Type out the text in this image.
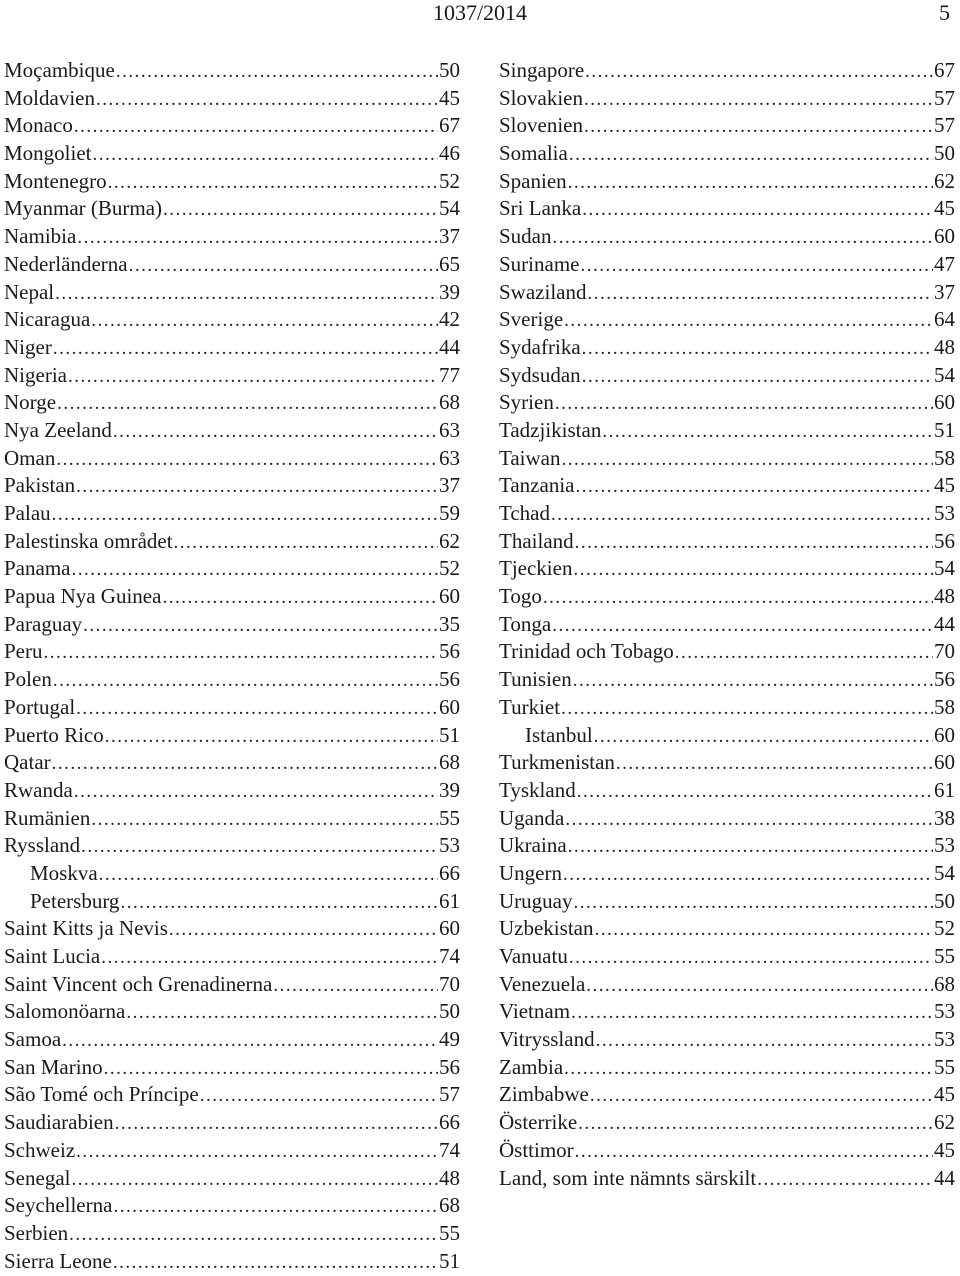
1037/2014	5
Moçambique .....	50
Moldavien .....	45
Monaco .....	67
Mongoliet .....	46
Montenegro .....	52
Myanmar (Burma) .....	54
Namibia .....	37
Nederländerna .....	65
Nepal .....	39
Nicaragua .....	42
Niger .....	44
Nigeria .....	77
Norge .....	68
Nya Zeeland .....	63
Oman .....	63
Pakistan .....	37
Palau .....	59
Palestinska området .....	62
Panama .....	52
Papua Nya Guinea .....	60
Paraguay .....	35
Peru .....	56
Polen .....	56
Portugal .....	60
Puerto Rico .....	51
Qatar .....	68
Rwanda .....	39
Rumänien .....	55
Ryssland .....	53
Moskva .....	66
Petersburg .....	61
Saint Kitts ja Nevis .....	60
Saint Lucia .....	74
Saint Vincent och Grenadinerna .....	70
Salomonöarna .....	50
Samoa .....	49
San Marino .....	56
São Tomé och Príncipe .....	57
Saudiarabien .....	66
Schweiz .....	74
Senegal .....	48
Seychellerna .....	68
Serbien .....	55
Sierra Leone .....	51
Singapore .....	67
Slovakien .....	57
Slovenien .....	57
Somalia .....	50
Spanien .....	62
Sri Lanka .....	45
Sudan .....	60
Suriname .....	47
Swaziland .....	37
Sverige .....	64
Sydafrika .....	48
Sydsudan .....	54
Syrien .....	60
Tadzjikistan .....	51
Taiwan .....	58
Tanzania .....	45
Tchad .....	53
Thailand .....	56
Tjeckien .....	54
Togo .....	48
Tonga .....	44
Trinidad och Tobago .....	70
Tunisien .....	56
Turkiet .....	58
Istanbul .....	60
Turkmenistan .....	60
Tyskland .....	61
Uganda .....	38
Ukraina .....	53
Ungern .....	54
Uruguay .....	50
Uzbekistan .....	52
Vanuatu .....	55
Venezuela .....	68
Vietnam .....	53
Vitryssland .....	53
Zambia .....	55
Zimbabwe .....	45
Österrike .....	62
Östtimor .....	45
Land, som inte nämnts särskilt .....	44
